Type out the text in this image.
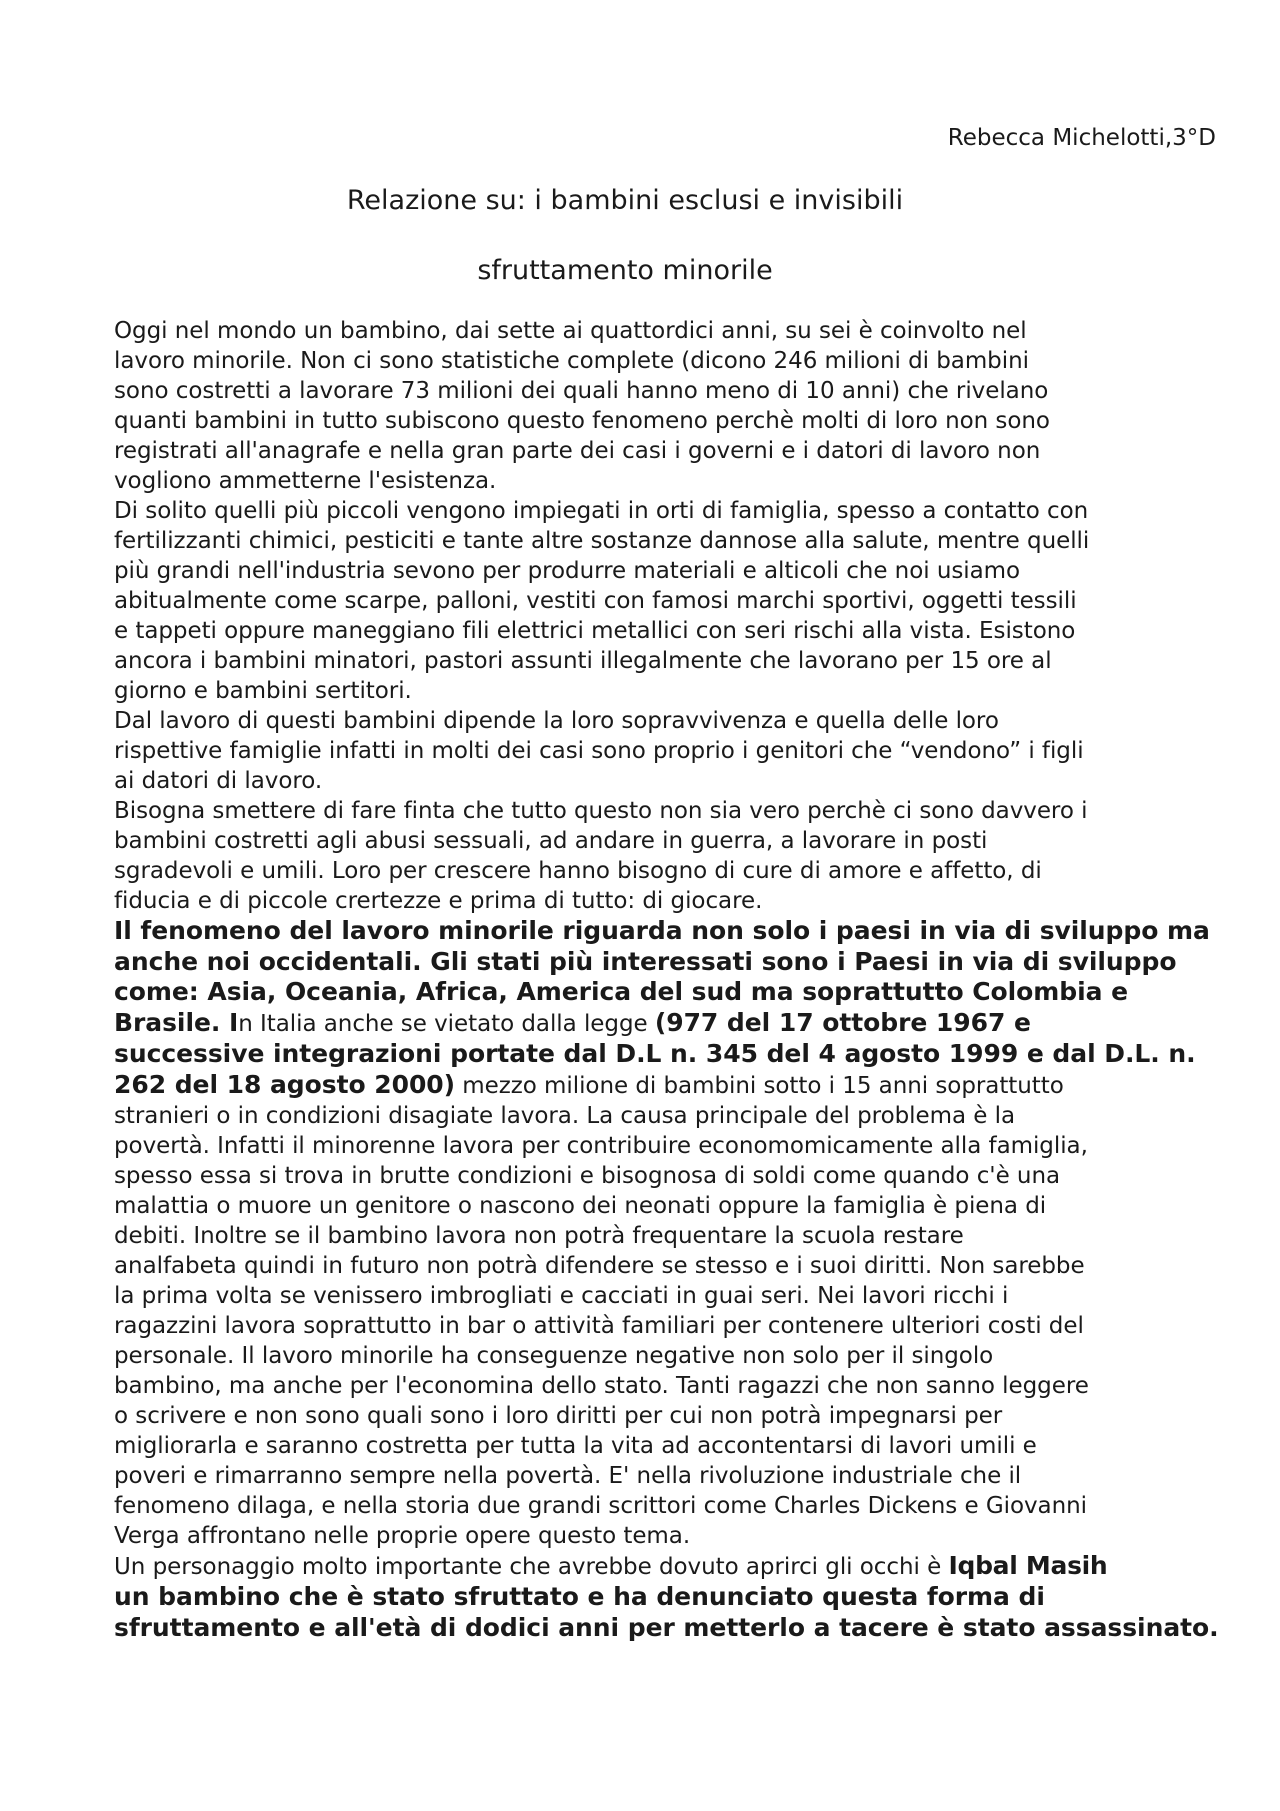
Rebecca Michelotti,3°D
Relazione su: i bambini esclusi e invisibili
sfruttamento minorile
Oggi nel mondo un bambino, dai sette ai quattordici anni, su sei è coinvolto nel
lavoro minorile. Non ci sono statistiche complete (dicono 246 milioni di bambini
sono costretti a lavorare 73 milioni dei quali hanno meno di 10 anni) che rivelano
quanti bambini in tutto subiscono questo fenomeno perchè molti di loro non sono
registrati all'anagrafe e nella gran parte dei casi i governi e i datori di lavoro non
vogliono ammetterne l'esistenza.
Di solito quelli più piccoli vengono impiegati in orti di famiglia, spesso a contatto con
fertilizzanti chimici, pesticiti e tante altre sostanze dannose alla salute, mentre quelli
più grandi nell'industria sevono per produrre materiali e alticoli che noi usiamo
abitualmente come scarpe, palloni, vestiti con famosi marchi sportivi, oggetti tessili
e tappeti oppure maneggiano fili elettrici metallici con seri rischi alla vista. Esistono
ancora i bambini minatori, pastori assunti illegalmente che lavorano per 15 ore al
giorno e bambini sertitori.
Dal lavoro di questi bambini dipende la loro sopravvivenza e quella delle loro
rispettive famiglie infatti in molti dei casi sono proprio i genitori che “vendono” i figli
ai datori di lavoro.
Bisogna smettere di fare finta che tutto questo non sia vero perchè ci sono davvero i
bambini costretti agli abusi sessuali, ad andare in guerra, a lavorare in posti
sgradevoli e umili. Loro per crescere hanno bisogno di cure di amore e affetto, di
fiducia e di piccole crertezze e prima di tutto: di giocare.
Il fenomeno del lavoro minorile riguarda non solo i paesi in via di sviluppo ma
anche noi occidentali. Gli stati più interessati sono i Paesi in via di sviluppo
come: Asia, Oceania, Africa, America del sud ma soprattutto Colombia e
Brasile. In Italia anche se vietato dalla legge (977 del 17 ottobre 1967 e
successive integrazioni portate dal D.L n. 345 del 4 agosto 1999 e dal D.L. n.
262 del 18 agosto 2000) mezzo milione di bambini sotto i 15 anni soprattutto
stranieri o in condizioni disagiate lavora. La causa principale del problema è la
povertà. Infatti il minorenne lavora per contribuire economomicamente alla famiglia,
spesso essa si trova in brutte condizioni e bisognosa di soldi come quando c'è una
malattia o muore un genitore o nascono dei neonati oppure la famiglia è piena di
debiti. Inoltre se il bambino lavora non potrà frequentare la scuola restare
analfabeta quindi in futuro non potrà difendere se stesso e i suoi diritti. Non sarebbe
la prima volta se venissero imbrogliati e cacciati in guai seri. Nei lavori ricchi i
ragazzini lavora soprattutto in bar o attività familiari per contenere ulteriori costi del
personale. Il lavoro minorile ha conseguenze negative non solo per il singolo
bambino, ma anche per l'economina dello stato. Tanti ragazzi che non sanno leggere
o scrivere e non sono quali sono i loro diritti per cui non potrà impegnarsi per
migliorarla e saranno costretta per tutta la vita ad accontentarsi di lavori umili e
poveri e rimarranno sempre nella povertà. E' nella rivoluzione industriale che il
fenomeno dilaga, e nella storia due grandi scrittori come Charles Dickens e Giovanni
Verga affrontano nelle proprie opere questo tema.
Un personaggio molto importante che avrebbe dovuto aprirci gli occhi è Iqbal Masih
un bambino che è stato sfruttato e ha denunciato questa forma di
sfruttamento e all'età di dodici anni per metterlo a tacere è stato assassinato.
